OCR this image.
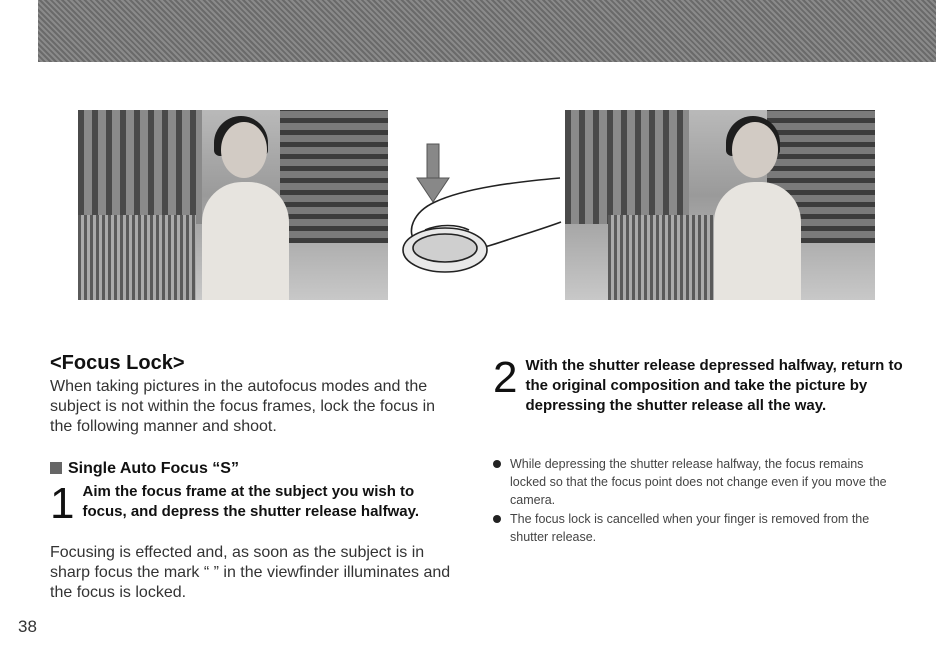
<Focus Lock>
When taking pictures in the autofocus modes and the subject is not within the focus frames, lock the focus in the following manner and shoot.
Single Auto Focus “S”
1 Aim the focus frame at the subject you wish to focus, and depress the shutter release halfway.
Focusing is effected and, as soon as the subject is in sharp focus the mark “ ” in the viewfinder illuminates and the focus is locked.
2 With the shutter release depressed halfway, return to the original composition and take the picture by depressing the shutter release all the way.
While depressing the shutter release halfway, the focus remains locked so that the focus point does not change even if you move the camera.
The focus lock is cancelled when your finger is removed from the shutter release.
38
